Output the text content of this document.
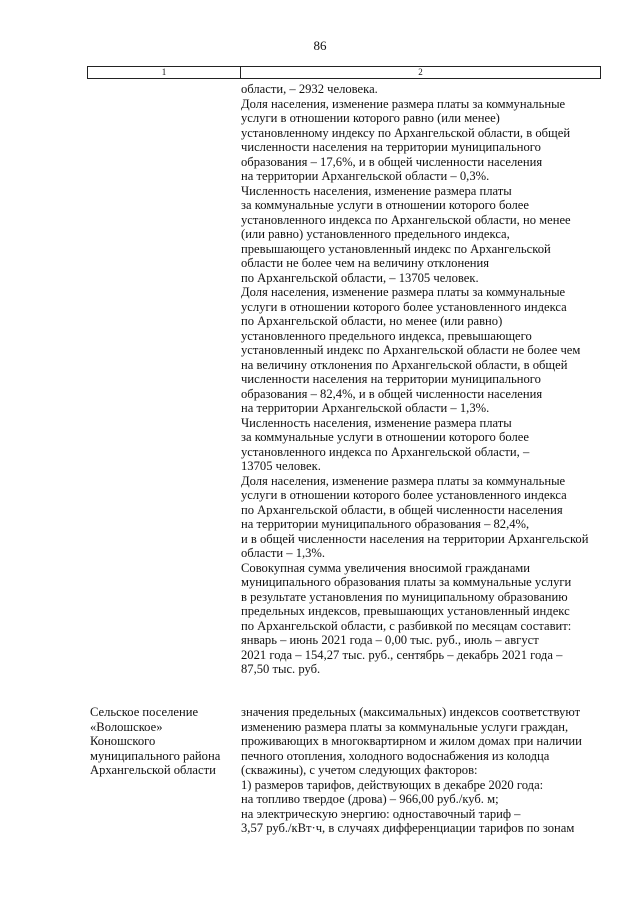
86
1	2
области, – 2932 человека.
Доля населения, изменение размера платы за коммунальные
услуги в отношении которого равно (или менее)
установленному индексу по Архангельской области, в общей
численности населения на территории муниципального
образования – 17,6%, и в общей численности населения
на территории Архангельской области – 0,3%.
Численность населения, изменение размера платы
за коммунальные услуги в отношении которого более
установленного индекса по Архангельской области, но менее
(или равно) установленного предельного индекса,
превышающего установленный индекс по Архангельской
области не более чем на величину отклонения
по Архангельской области, – 13705 человек.
Доля населения, изменение размера платы за коммунальные
услуги в отношении которого более установленного индекса
по Архангельской области, но менее (или равно)
установленного предельного индекса, превышающего
установленный индекс по Архангельской области не более чем
на величину отклонения по Архангельской области, в общей
численности населения на территории муниципального
образования – 82,4%, и в общей численности населения
на территории Архангельской области – 1,3%.
Численность населения, изменение размера платы
за коммунальные услуги в отношении которого более
установленного индекса по Архангельской области, –
13705 человек.
Доля населения, изменение размера платы за коммунальные
услуги в отношении которого более установленного индекса
по Архангельской области, в общей численности населения
на территории муниципального образования – 82,4%,
и в общей численности населения на территории Архангельской
области – 1,3%.
Совокупная сумма увеличения вносимой гражданами
муниципального образования платы за коммунальные услуги
в результате установления по муниципальному образованию
предельных индексов, превышающих установленный индекс
по Архангельской области, с разбивкой по месяцам составит:
январь – июнь 2021 года – 0,00 тыс. руб., июль – август
2021 года – 154,27 тыс. руб., сентябрь – декабрь 2021 года –
87,50 тыс. руб.
Сельское поселение
«Волошское»
Коношского
муниципального района
Архангельской области
значения предельных (максимальных) индексов соответствуют
изменению размера платы за коммунальные услуги граждан,
проживающих в многоквартирном и жилом домах при наличии
печного отопления, холодного водоснабжения из колодца
(скважины), с учетом следующих факторов:
1) размеров тарифов, действующих в декабре 2020 года:
на топливо твердое (дрова) – 966,00 руб./куб. м;
на электрическую энергию: одноставочный тариф –
3,57 руб./кВт·ч, в случаях дифференциации тарифов по зонам
